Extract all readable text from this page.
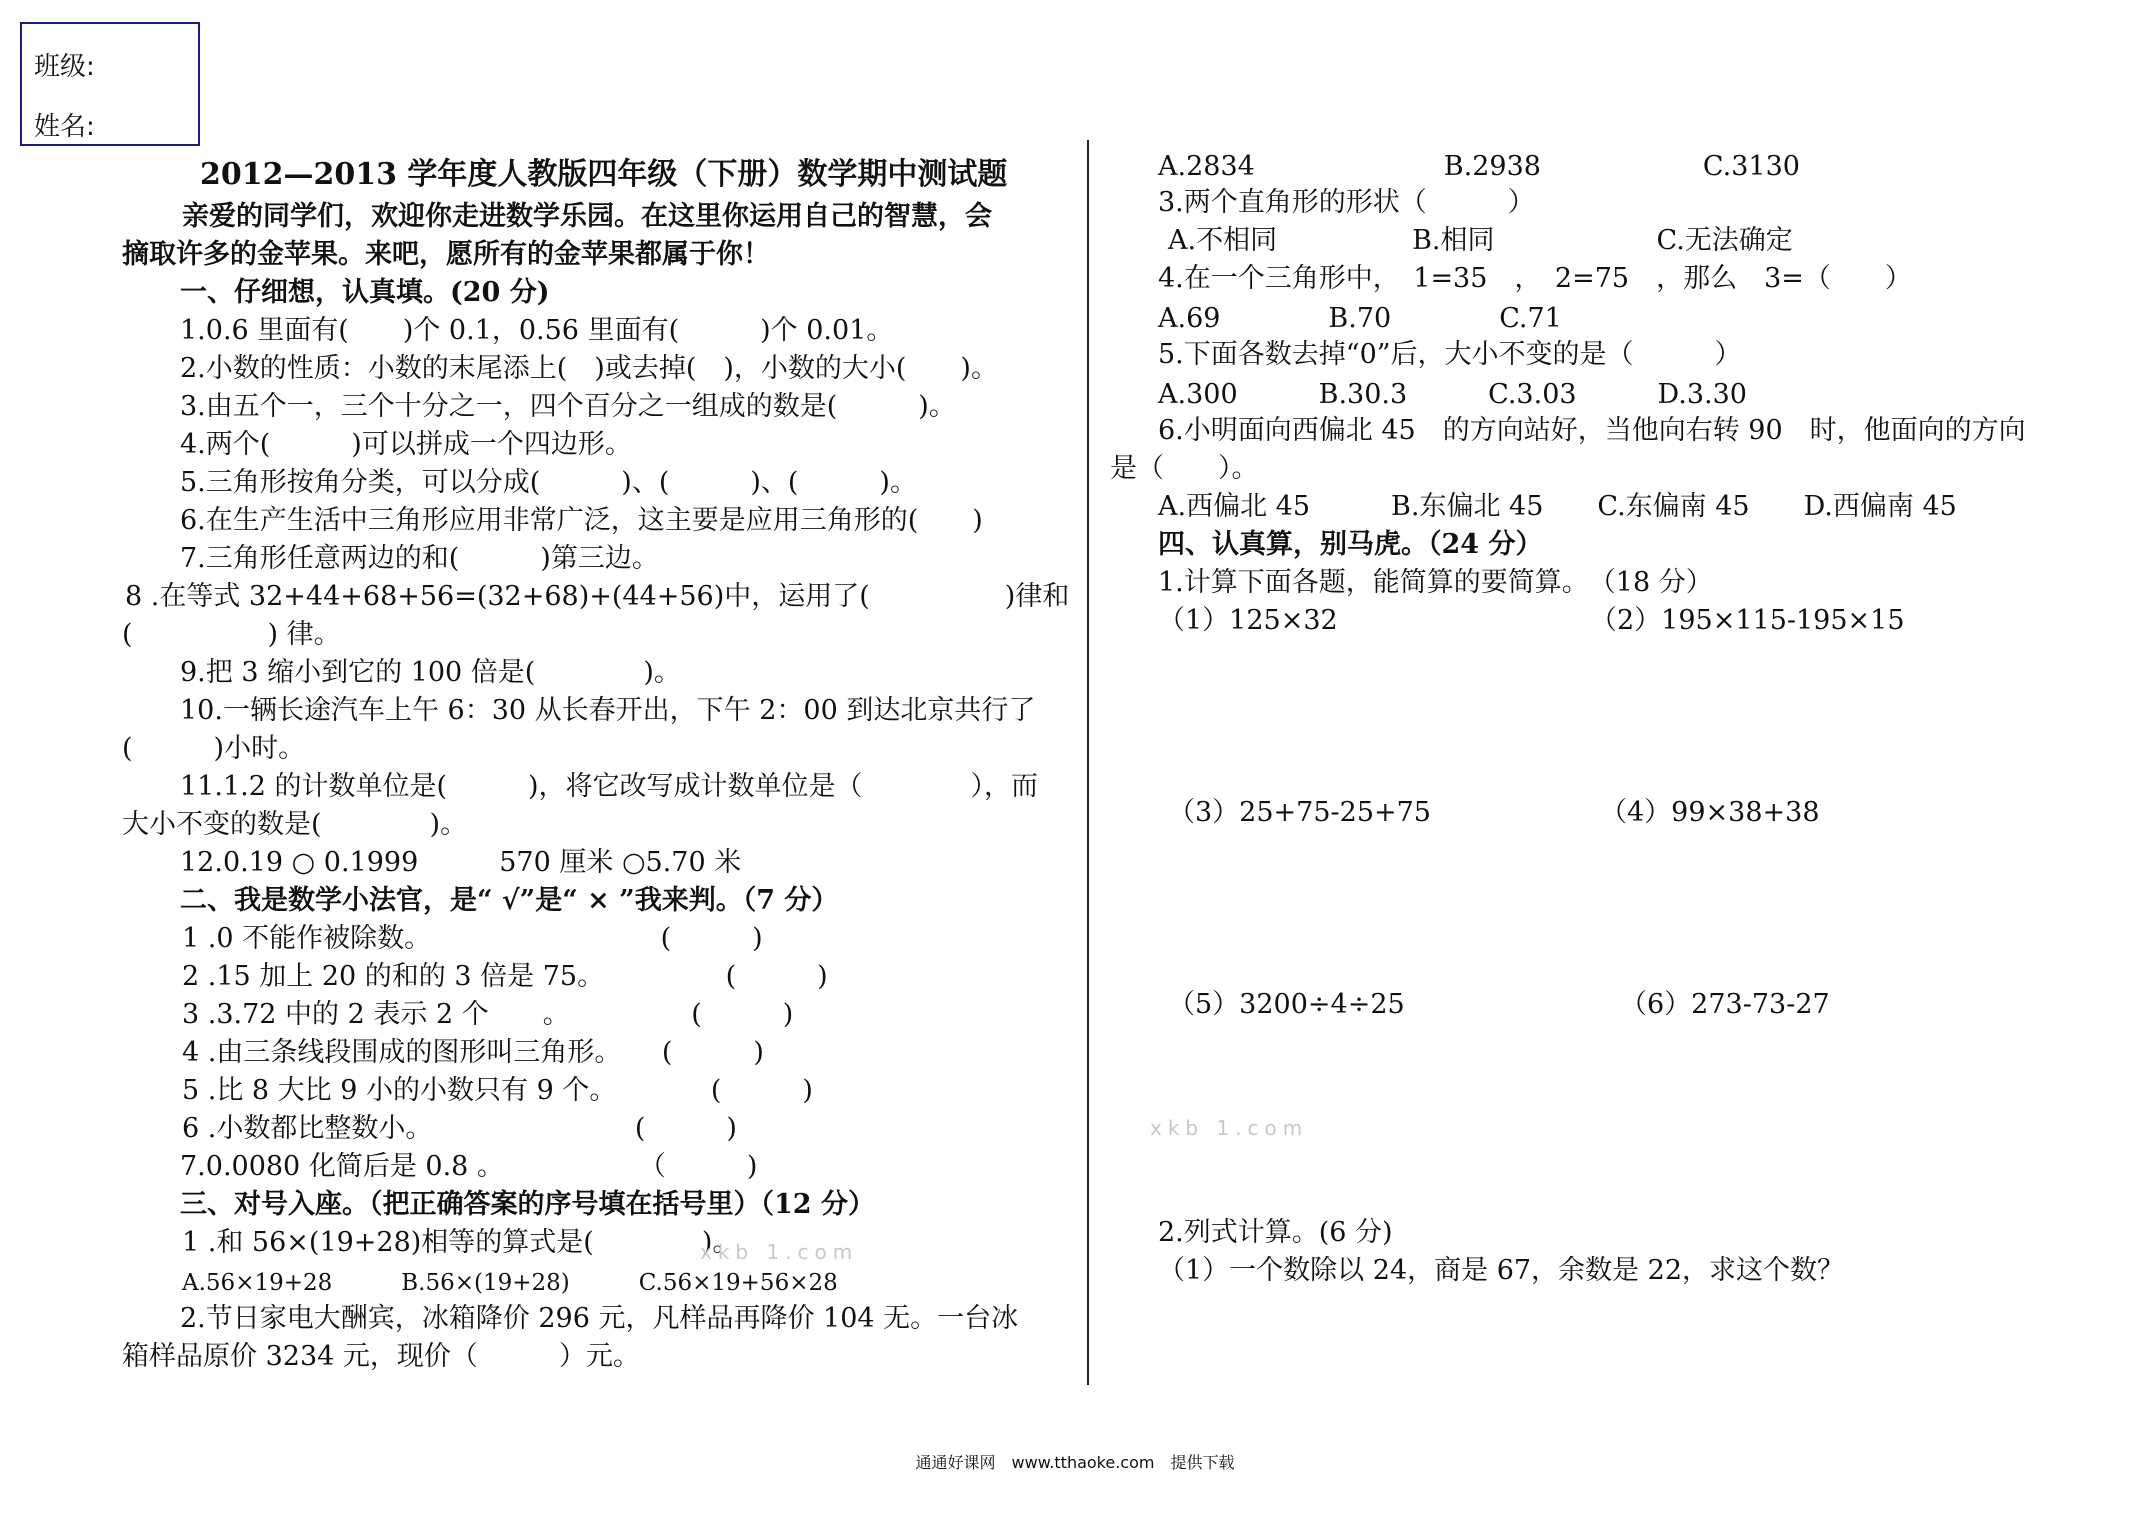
班级:
姓名:
2012—2013 学年度人教版四年级（下册）数学期中测试题
亲爱的同学们，欢迎你走进数学乐园。在这里你运用自己的智慧，会
摘取许多的金苹果。来吧，愿所有的金苹果都属于你！
一、仔细想，认真填。(20 分)
1.0.6 里面有(　　)个 0.1，0.56 里面有(　　　)个 0.01。
2.小数的性质：小数的末尾添上(　)或去掉(　)，小数的大小(　　)。
3.由五个一，三个十分之一，四个百分之一组成的数是(　　　)。
4.两个(　　　)可以拼成一个四边形。
5.三角形按角分类，可以分成(　　　)、(　　　)、(　　　)。
6.在生产生活中三角形应用非常广泛，这主要是应用三角形的(　　)
7.三角形任意两边的和(　　　)第三边。
8 .在等式 32+44+68+56=(32+68)+(44+56)中，运用了(　　　　　)律和
(　　　　　) 律。
9.把 3 缩小到它的 100 倍是(　　　　)。
10.一辆长途汽车上午 6：30 从长春开出，下午 2：00 到达北京共行了
(　　　)小时。
11.1.2 的计数单位是(　　　)，将它改写成计数单位是（　　　　），而
大小不变的数是(　　　　)。
12.0.19 ○ 0.1999　　　570 厘米 ○5.70 米
二、我是数学小法官，是“ √”是“ × ”我来判。（7 分）
1 .0 不能作被除数。　　　　　　　　　(　　　)
2 .15 加上 20 的和的 3 倍是 75。　　　　　(　　　)
3 .3.72 中的 2 表示 2 个　　。　　　　　(　　　)
4 .由三条线段围成的图形叫三角形。　　(　　　)
5 .比 8 大比 9 小的小数只有 9 个。　　　　(　　　)
6 .小数都比整数小。　　　　　　　　(　　　)
7.0.0080 化简后是 0.8 。　　　　　　（　　　)
三、对号入座。（把正确答案的序号填在括号里）（12 分）
1 .和 56×(19+28)相等的算式是(　　　　)。
xkb 1.com
A.56×19+28　　　B.56×(19+28)　　　C.56×19+56×28
2.节日家电大酬宾，冰箱降价 296 元，凡样品再降价 104 无。一台冰
箱样品原价 3234 元，现价（　　　）元。
A.2834　　　　　　　B.2938　　　　　　C.3130
3.两个直角形的形状（　　　）
A.不相同　　　　　B.相同　　　　　　C.无法确定
4.在一个三角形中，　1=35　，　2=75　，那么　3=（　　）
A.69　　　　B.70　　　　C.71
5.下面各数去掉“0”后，大小不变的是（　　　）
A.300　　　B.30.3　　　C.3.03　　　D.3.30
6.小明面向西偏北 45　的方向站好，当他向右转 90　时，他面向的方向
是（　　）。
A.西偏北 45　　　B.东偏北 45　　C.东偏南 45　　D.西偏南 45
四、认真算，别马虎。（24 分）
1.计算下面各题，能简算的要简算。　（18 分）
（1）125×32	（2）195×115-195×15
（3）25+75-25+75	（4）99×38+38
（5）3200÷4÷25	（6）273-73-27
xkb 1.com
2.列式计算。(6 分)
（1）一个数除以 24，商是 67，余数是 22，求这个数？
通通好课网　www.tthaoke.com　提供下载
